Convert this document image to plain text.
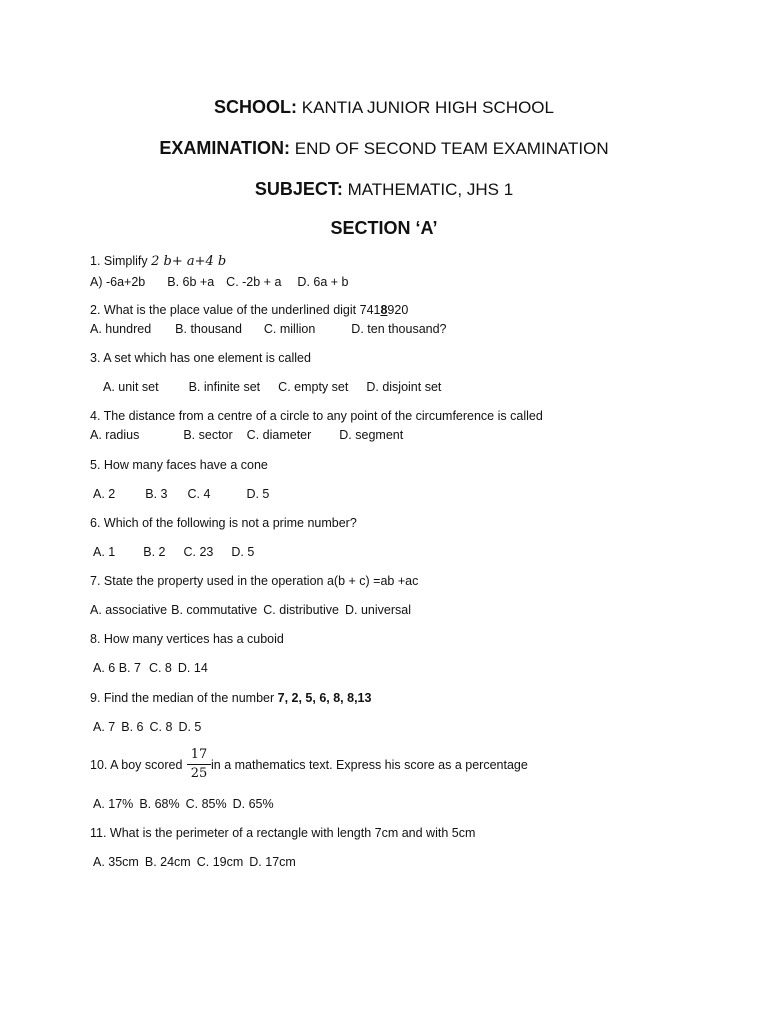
SCHOOL: KANTIA JUNIOR HIGH SCHOOL
EXAMINATION: END OF SECOND TEAM EXAMINATION
SUBJECT: MATHEMATIC, JHS 1
SECTION ‘A’
1. Simplify 2 b+ a+4 b
A) -6a+2b B. 6b +a C. -2b + a D. 6a + b
2. What is the place value of the underlined digit 7418920
A. hundred B. thousand C. million	D. ten thousand?
3. A set which has one element is called
A. unit set B. infinite set C. empty set D. disjoint set
4. The distance from a centre of a circle to any point of the circumference is called
A. radius	B. sector C. diameter D. segment
5. How many faces have a cone
A. 2 B. 3 C. 4	D. 5
6. Which of the following is not a prime number?
A. 1 B. 2 C. 23 D. 5
7. State the property used in the operation a(b + c) =ab +ac
A. associative B. commutative C. distributive D. universal
8. How many vertices has a cuboid
A. 6 B. 7 C. 8 D. 14
9. Find the median of the number 7, 2, 5, 6, 8, 8,13
A. 7 B. 6 C. 8 D. 5
10. A boy scored
17
25
in a mathematics text. Express his score as a percentage
A. 17% B. 68% C. 85% D. 65%
11. What is the perimeter of a rectangle with length 7cm and with 5cm
A. 35cm B. 24cm C. 19cm D. 17cm
